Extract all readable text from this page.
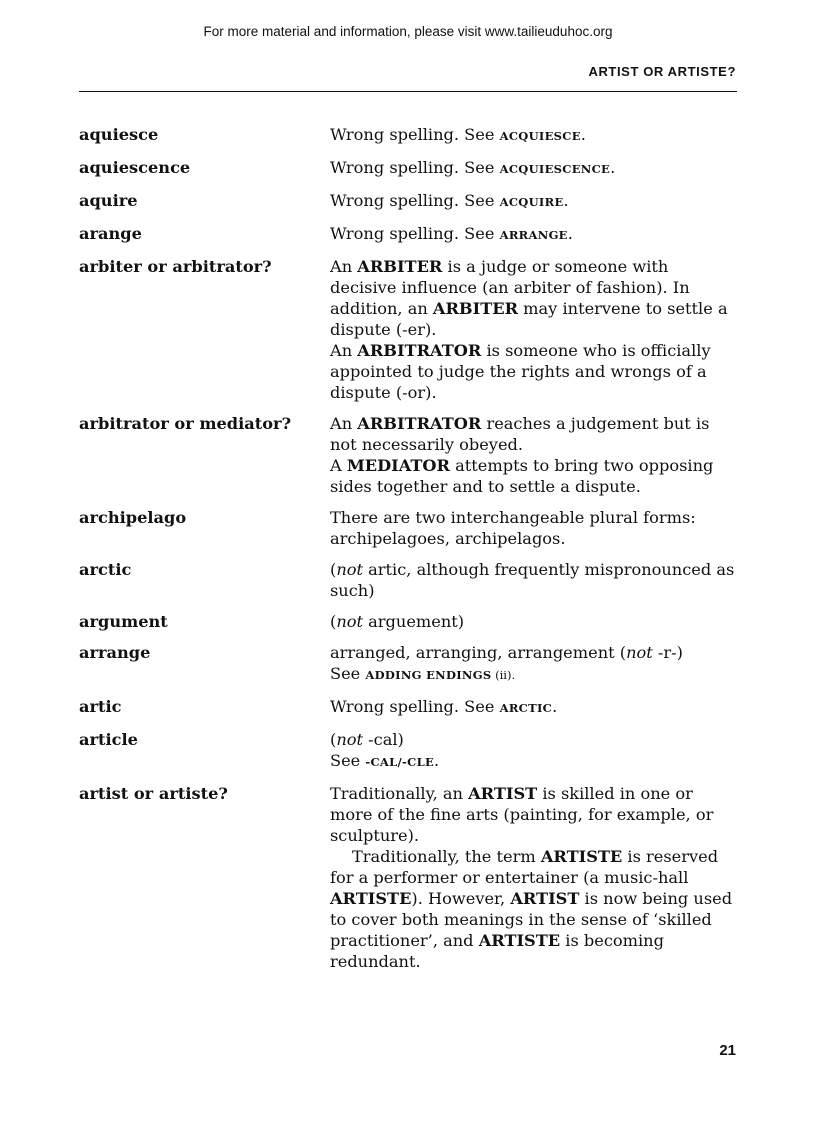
For more material and information, please visit www.tailieuduhoc.org
ARTIST OR ARTISTE?
aquiesce	Wrong spelling. See ACQUIESCE.
aquiescence	Wrong spelling. See ACQUIESCENCE.
aquire	Wrong spelling. See ACQUIRE.
arange	Wrong spelling. See ARRANGE.
arbiter or arbitrator?	An ARBITER is a judge or someone with decisive influence (an arbiter of fashion). In addition, an ARBITER may intervene to settle a dispute (-er).

An ARBITRATOR is someone who is officially appointed to judge the rights and wrongs of a dispute (-or).

arbitrator or mediator?	An ARBITRATOR reaches a judgement but is not necessarily obeyed.

A MEDIATOR attempts to bring two opposing sides together and to settle a dispute.

archipelago	There are two interchangeable plural forms: archipelagoes, archipelagos.
arctic	(not artic, although frequently mispronounced as such)
argument	(not arguement)
arrange	arranged, arranging, arrangement (not -r-)

See ADDING ENDINGS (ii).

artic	Wrong spelling. See ARCTIC.
article	(not -cal)

See -CAL/-CLE.

artist or artiste?	Traditionally, an ARTIST is skilled in one or more of the fine arts (painting, for example, or sculpture).

Traditionally, the term ARTISTE is reserved for a performer or entertainer (a music-hall ARTISTE). However, ARTIST is now being used to cover both meanings in the sense of ‘skilled practitioner’, and ARTISTE is becoming redundant.

21
